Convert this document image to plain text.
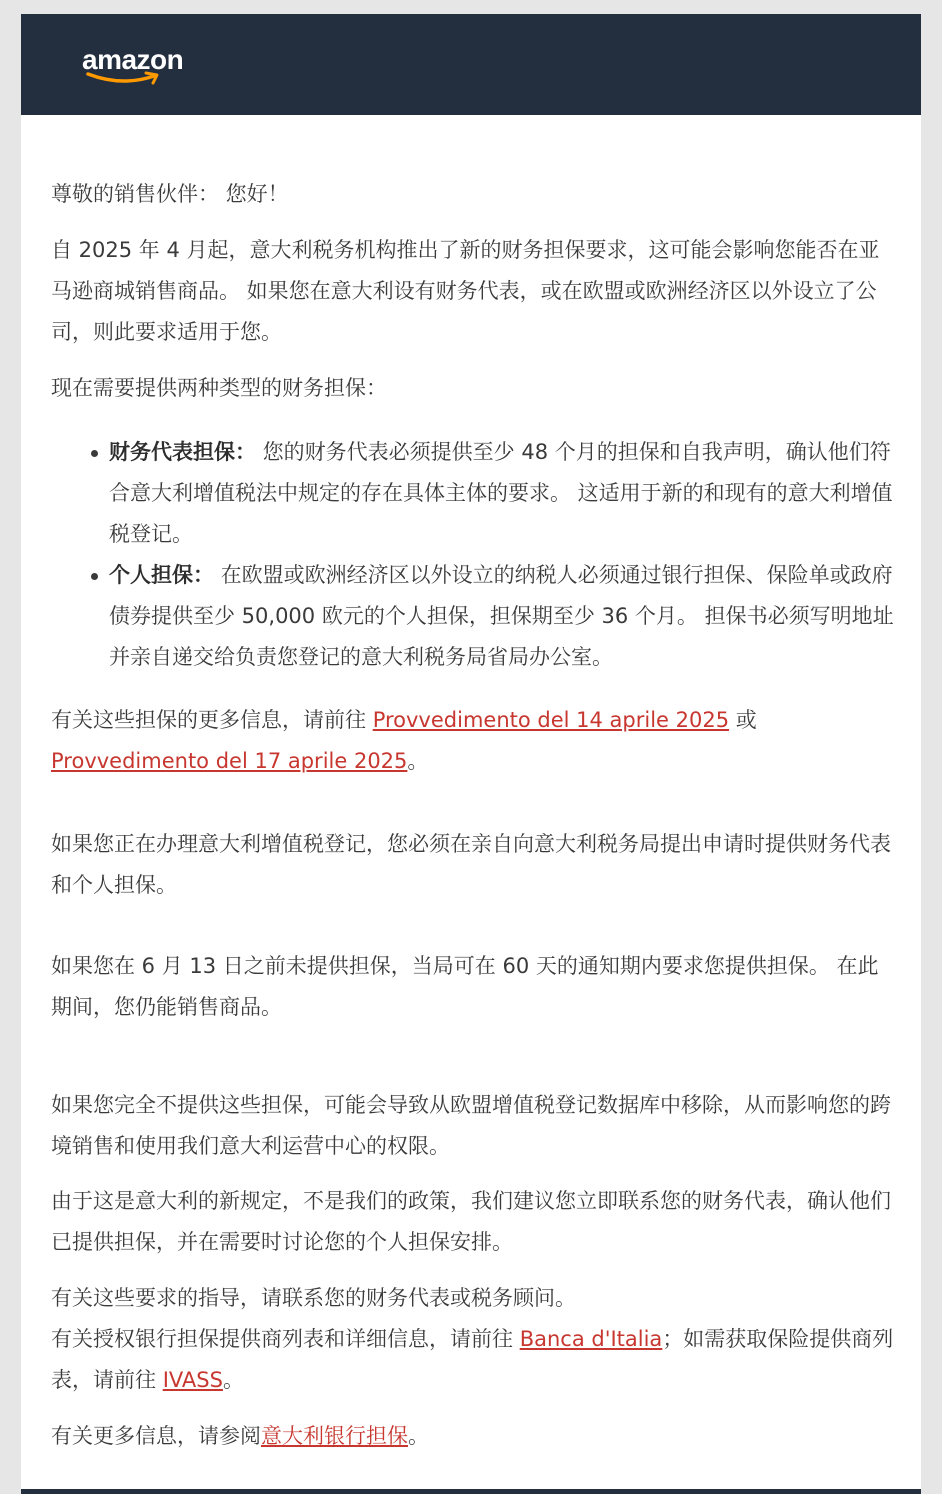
amazon

尊敬的销售伙伴： 您好！

自 2025 年 4 月起，意大利税务机构推出了新的财务担保要求，这可能会影响您能否在亚马逊商城销售商品。 如果您在意大利设有财务代表，或在欧盟或欧洲经济区以外设立了公司，则此要求适用于您。

现在需要提供两种类型的财务担保：

财务代表担保： 您的财务代表必须提供至少 48 个月的担保和自我声明，确认他们符合意大利增值税法中规定的存在具体主体的要求。 这适用于新的和现有的意大利增值税登记。
个人担保： 在欧盟或欧洲经济区以外设立的纳税人必须通过银行担保、保险单或政府债券提供至少 50,000 欧元的个人担保，担保期至少 36 个月。 担保书必须写明地址并亲自递交给负责您登记的意大利税务局省局办公室。

有关这些担保的更多信息，请前往 Provvedimento del 14 aprile 2025 或
Provvedimento del 17 aprile 2025。

如果您正在办理意大利增值税登记，您必须在亲自向意大利税务局提出申请时提供财务代表和个人担保。

如果您在 6 月 13 日之前未提供担保，当局可在 60 天的通知期内要求您提供担保。 在此期间，您仍能销售商品。

如果您完全不提供这些担保，可能会导致从欧盟增值税登记数据库中移除，从而影响您的跨境销售和使用我们意大利运营中心的权限。

由于这是意大利的新规定，不是我们的政策，我们建议您立即联系您的财务代表，确认他们已提供担保，并在需要时讨论您的个人担保安排。

有关这些要求的指导，请联系您的财务代表或税务顾问。
有关授权银行担保提供商列表和详细信息，请前往 Banca d'Italia；如需获取保险提供商列表，请前往 IVASS。

有关更多信息，请参阅意大利银行担保。
